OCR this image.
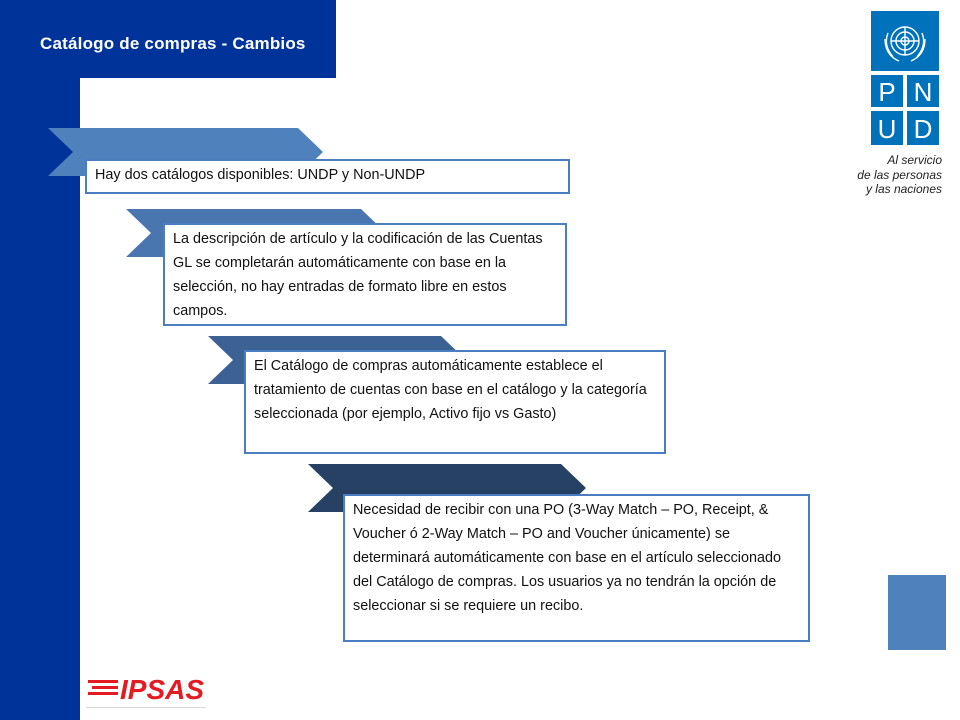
Catálogo de compras - Cambios
Hay dos catálogos disponibles: UNDP y Non-UNDP
La descripción de artículo y la codificación de las Cuentas GL se completarán automáticamente con base en la selección, no hay entradas de formato libre en estos campos.
El Catálogo de compras automáticamente establece el tratamiento de cuentas con base en el catálogo y la categoría seleccionada (por ejemplo, Activo fijo vs Gasto)
Necesidad de recibir con una PO (3-Way Match – PO, Receipt, & Voucher ó 2-Way Match – PO and Voucher únicamente) se determinará automáticamente con base en el artículo seleccionado del Catálogo de compras. Los usuarios ya no tendrán la opción de seleccionar si se requiere un recibo.
P N
U D
Al servicio
de las personas
y las naciones
IPSAS
